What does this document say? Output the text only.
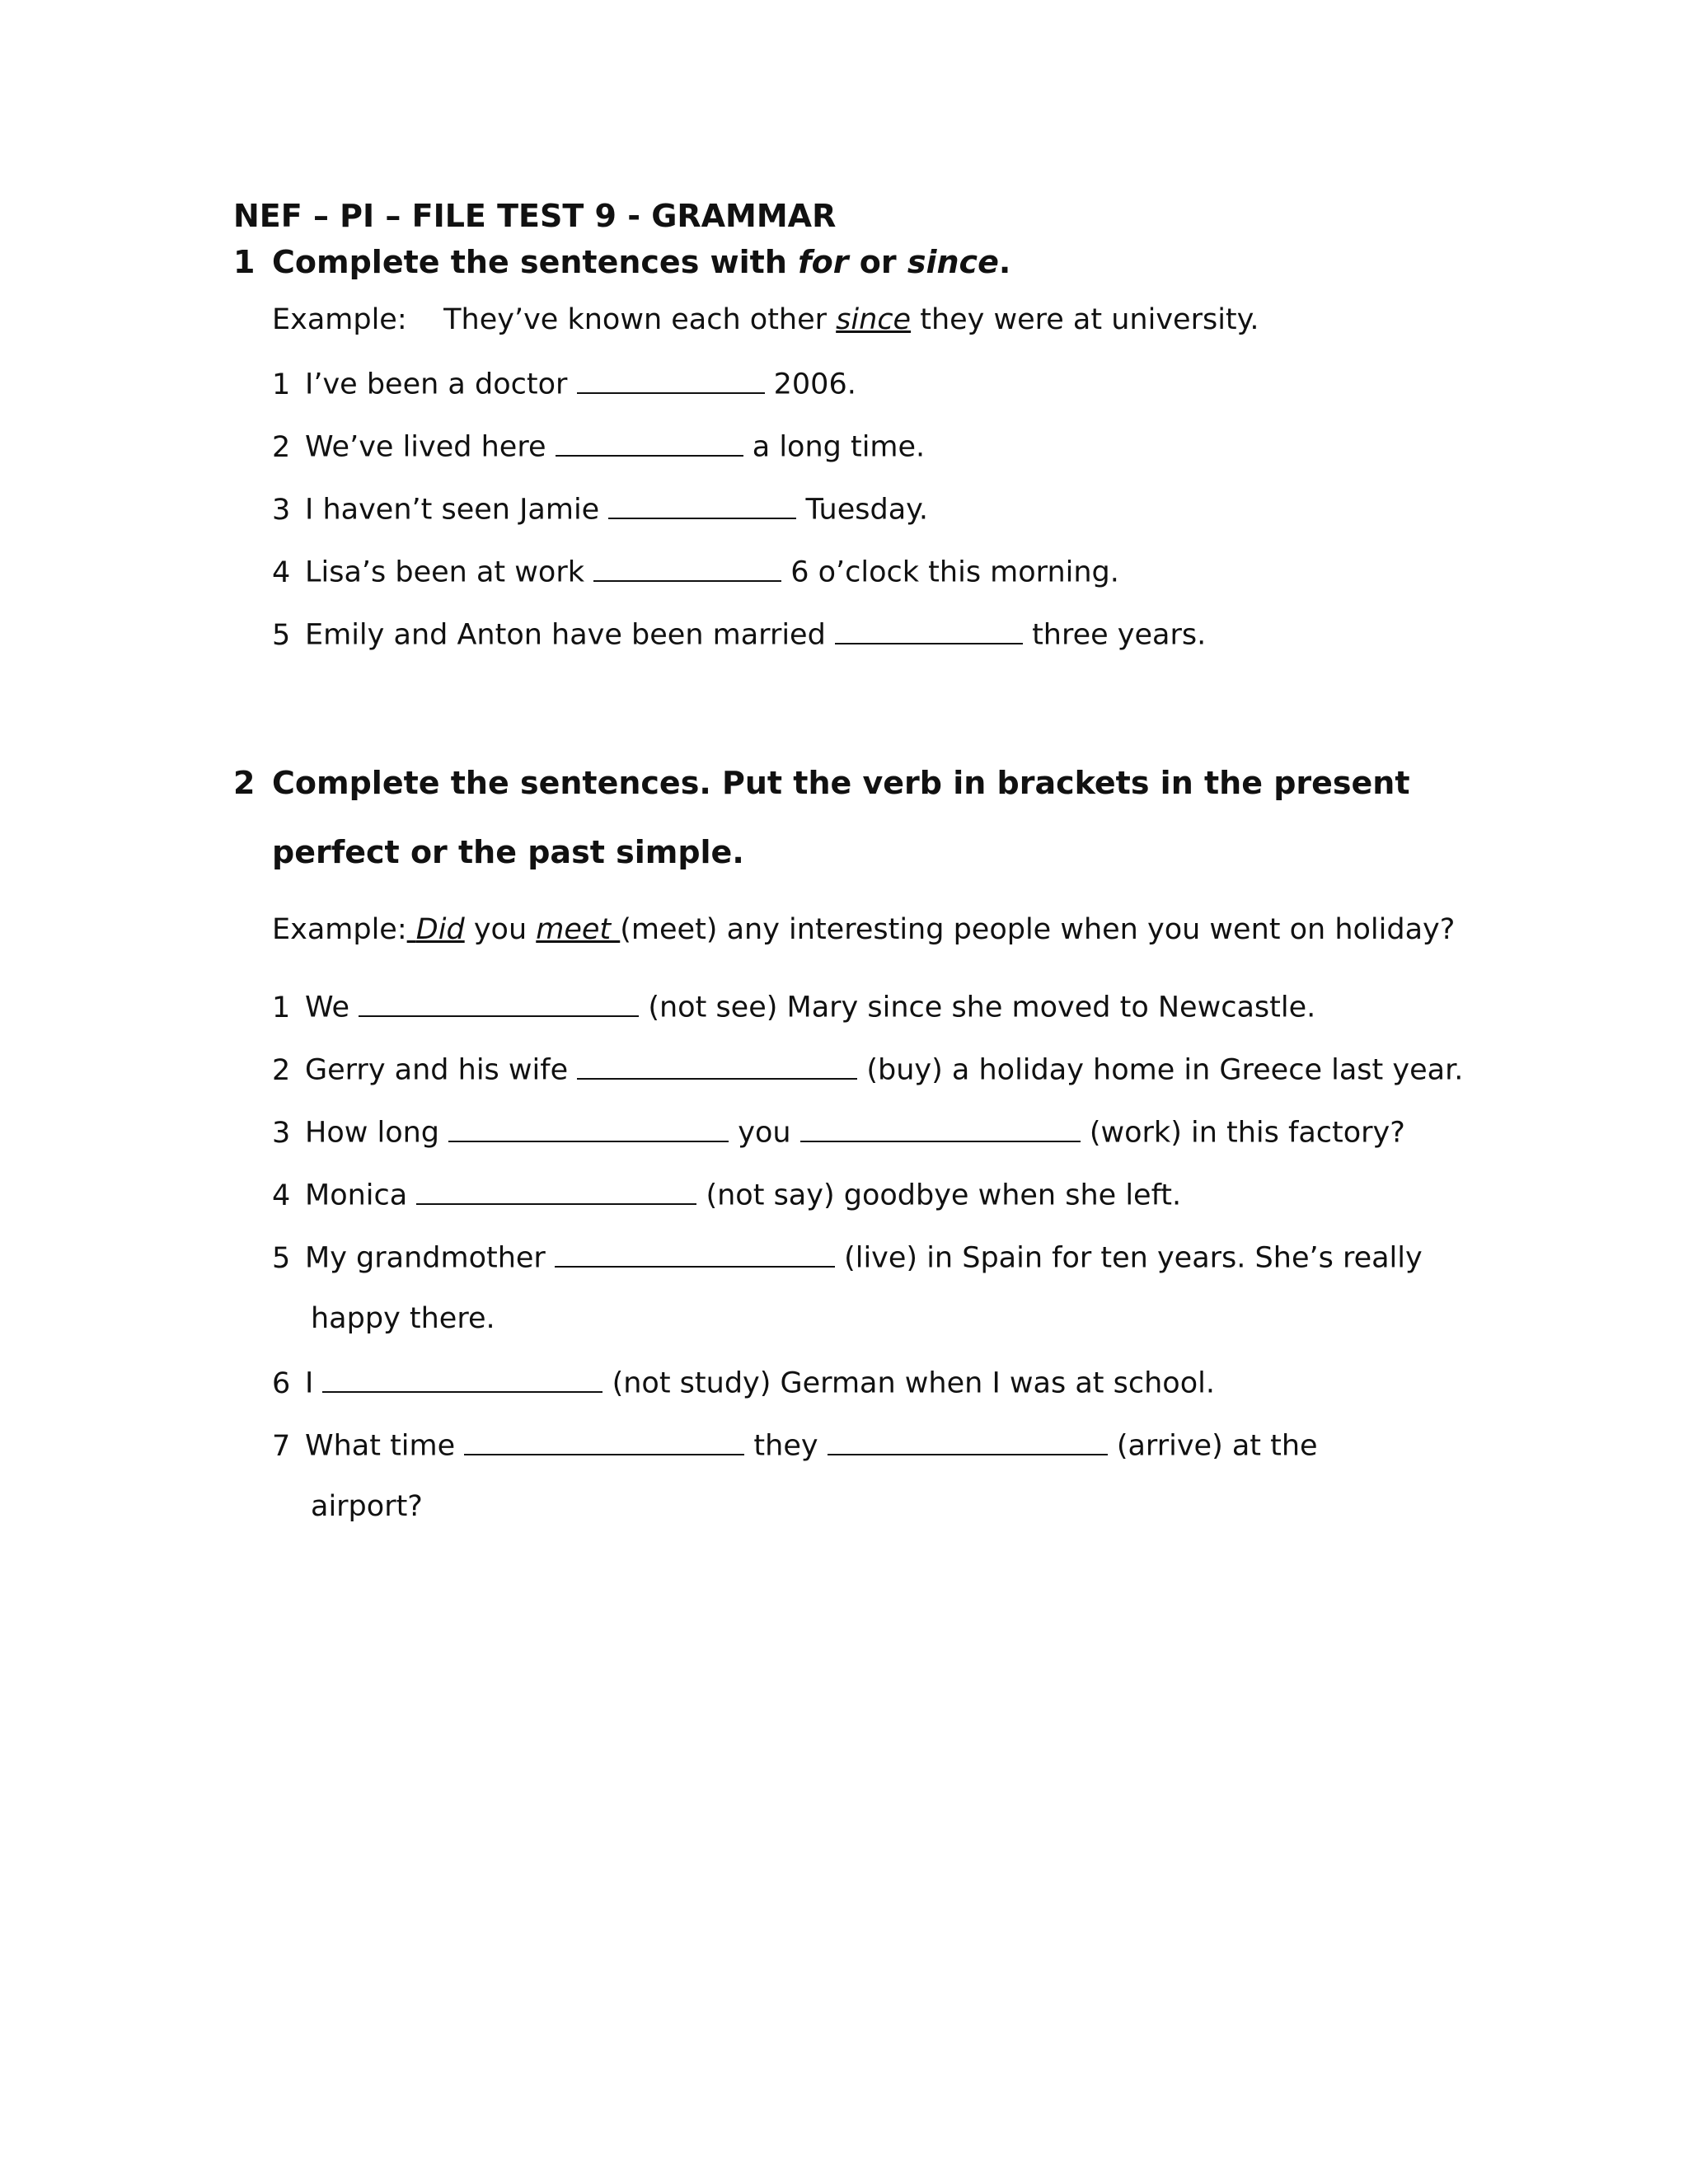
NEF – PI – FILE TEST 9 - GRAMMAR
1 Complete the sentences with for or since.
Example: They’ve known each other since they were at university.
1 I’ve been a doctor	2006.
2 We’ve lived here	a long time.
3 I haven’t seen Jamie	Tuesday.
4 Lisa’s been at work	6 o’clock this morning.
5 Emily and Anton have been married	three years.
2 Complete the sentences. Put the verb in brackets in the present
perfect or the past simple.
Example: Did you meet (meet) any interesting people when you went on holiday?
1 We	(not see) Mary since she moved to Newcastle.
2 Gerry and his wife	(buy) a holiday home in Greece last year.
3 How long	you	(work) in this factory?
4 Monica	(not say) goodbye when she left.
5 My grandmother	(live) in Spain for ten years. She’s really
happy there.
6 I	(not study) German when I was at school.
7 What time	they	(arrive) at the
airport?
